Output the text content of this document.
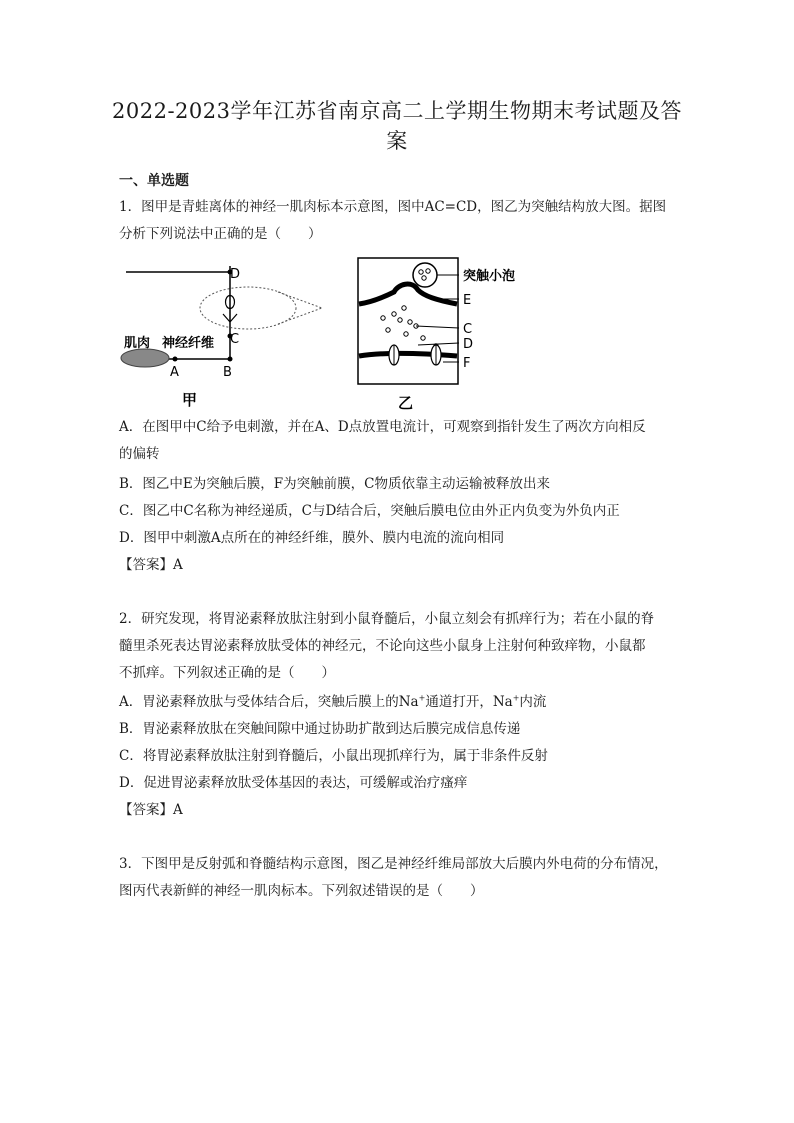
2022-2023学年江苏省南京高二上学期生物期末考试题及答
案
一、单选题
1．图甲是青蛙离体的神经一肌肉标本示意图，图中AC=CD，图乙为突触结构放大图。据图
分析下列说法中正确的是（　　）
肌肉 神经纤维
D
C
A	B
甲
突触小泡
E
C
D
F
乙
A．在图甲中C给予电刺激，并在A、D点放置电流计，可观察到指针发生了两次方向相反
的偏转
B．图乙中E为突触后膜，F为突触前膜，C物质依靠主动运输被释放出来
C．图乙中C名称为神经递质，C与D结合后，突触后膜电位由外正内负变为外负内正
D．图甲中刺激A点所在的神经纤维，膜外、膜内电流的流向相同
【答案】A
2．研究发现，将胃泌素释放肽注射到小鼠脊髓后，小鼠立刻会有抓痒行为；若在小鼠的脊
髓里杀死表达胃泌素释放肽受体的神经元，不论向这些小鼠身上注射何种致痒物，小鼠都
不抓痒。下列叙述正确的是（　　）
A．胃泌素释放肽与受体结合后，突触后膜上的Na+通道打开，Na+内流
B．胃泌素释放肽在突触间隙中通过协助扩散到达后膜完成信息传递
C．将胃泌素释放肽注射到脊髓后，小鼠出现抓痒行为，属于非条件反射
D．促进胃泌素释放肽受体基因的表达，可缓解或治疗瘙痒
【答案】A
3．下图甲是反射弧和脊髓结构示意图，图乙是神经纤维局部放大后膜内外电荷的分布情况，
图丙代表新鲜的神经一肌肉标本。下列叙述错误的是（　　）
